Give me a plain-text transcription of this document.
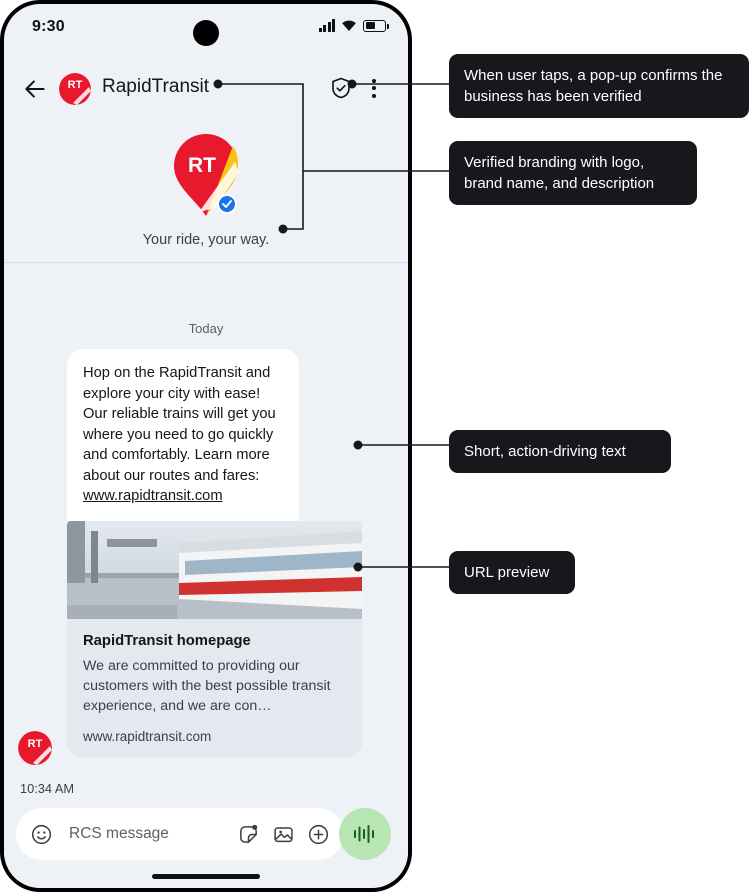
9:30
RT RapidTransit
RT
Your ride, your way.
Today
Hop on the RapidTransit and explore your city with ease! Our reliable trains will get you where you need to go quickly and comfortably. Learn more about our routes and fares:
www.rapidtransit.com
RapidTransit homepage
We are committed to providing our customers with the best possible transit experience, and we are con…
www.rapidtransit.com
RT
10:34 AM
RCS message
When user taps, a pop-up confirms the business has been verified
Verified branding with logo, brand name, and description
Short, action-driving text
URL preview
